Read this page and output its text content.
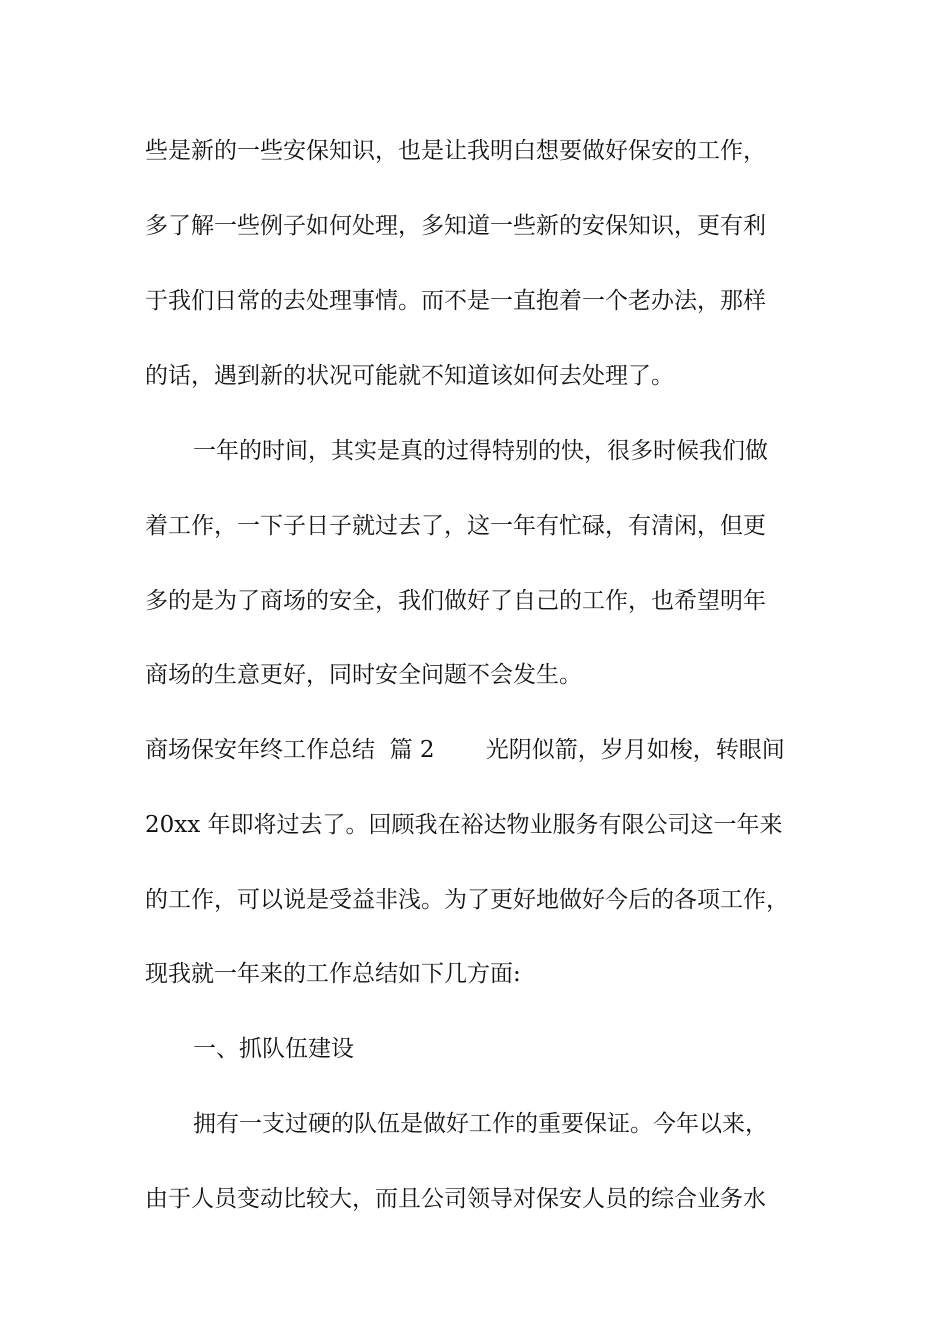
些是新的一些安保知识，也是让我明白想要做好保安的工作，
多了解一些例子如何处理，多知道一些新的安保知识，更有利
于我们日常的去处理事情。而不是一直抱着一个老办法，那样
的话，遇到新的状况可能就不知道该如何去处理了。
一年的时间，其实是真的过得特别的快，很多时候我们做
着工作，一下子日子就过去了，这一年有忙碌，有清闲，但更
多的是为了商场的安全，我们做好了自己的工作，也希望明年
商场的生意更好，同时安全问题不会发生。
商场保安年终工作总结  篇 2       光阴似箭，岁月如梭，转眼间
20xx 年即将过去了。回顾我在裕达物业服务有限公司这一年来
的工作，可以说是受益非浅。为了更好地做好今后的各项工作，
现我就一年来的工作总结如下几方面:
一、抓队伍建设
拥有一支过硬的队伍是做好工作的重要保证。今年以来，
由于人员变动比较大，而且公司领导对保安人员的综合业务水
